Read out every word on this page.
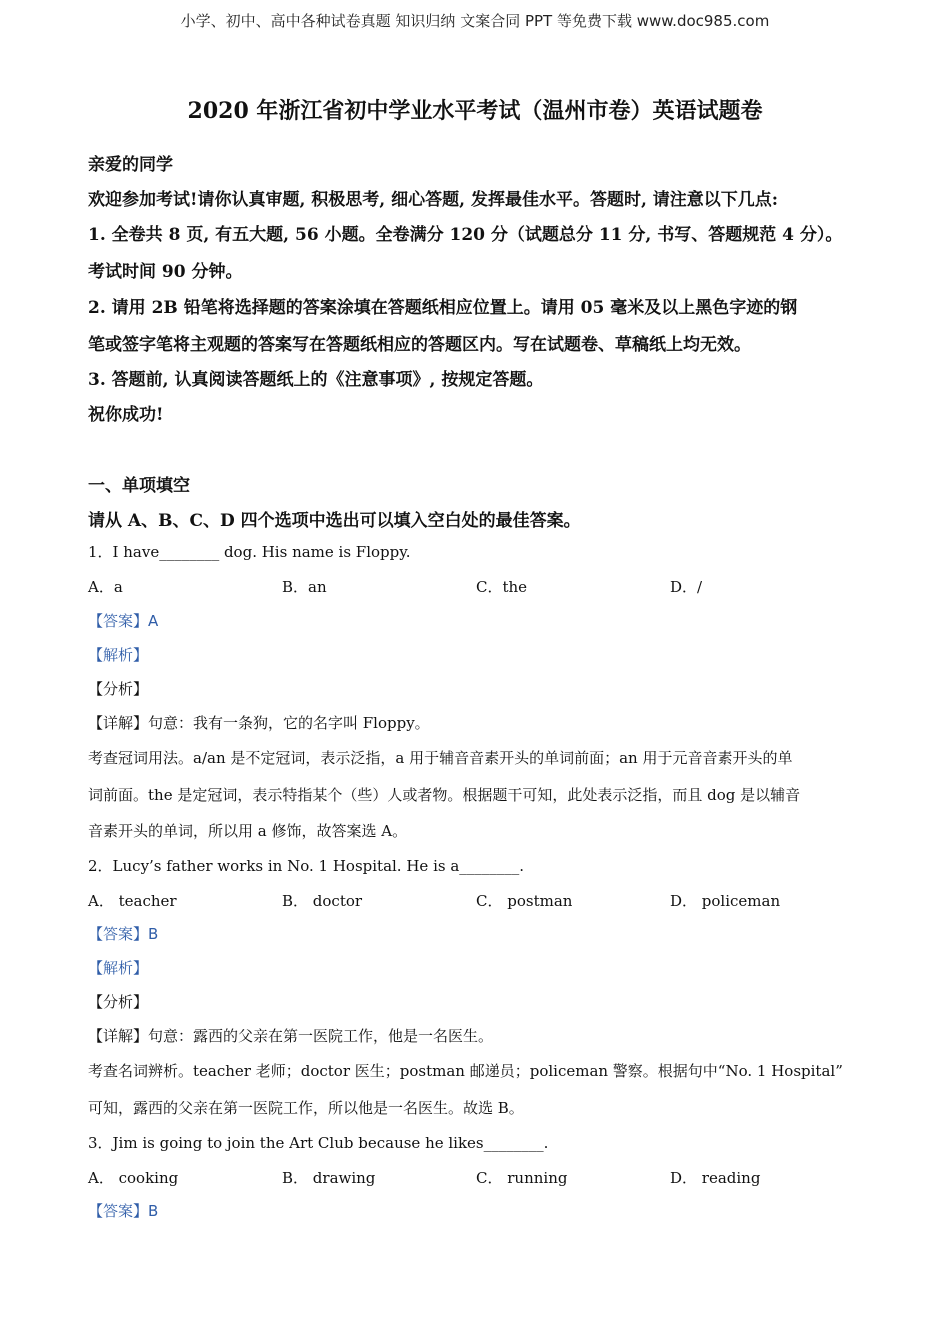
小学、初中、高中各种试卷真题 知识归纳 文案合同 PPT 等免费下载 www.doc985.com
2020 年浙江省初中学业水平考试（温州市卷）英语试题卷
亲爱的同学
欢迎参加考试!请你认真审题, 积极思考, 细心答题, 发挥最佳水平。答题时, 请注意以下几点:
1. 全卷共 8 页, 有五大题, 56 小题。全卷满分 120 分（试题总分 11 分, 书写、答题规范 4 分）。
考试时间 90 分钟。
2. 请用 2B 铅笔将选择题的答案涂填在答题纸相应位置上。请用 05 毫米及以上黑色字迹的钢
笔或签字笔将主观题的答案写在答题纸相应的答题区内。写在试题卷、草稿纸上均无效。
3. 答题前, 认真阅读答题纸上的《注意事项》, 按规定答题。
祝你成功!
一、单项填空
请从 A、B、C、D 四个选项中选出可以填入空白处的最佳答案。
1．I have________ dog. His name is Floppy.
A．a	B．an	C．the	D．/
【答案】A
【解析】
【分析】
【详解】句意：我有一条狗，它的名字叫 Floppy。
考查冠词用法。a/an 是不定冠词，表示泛指，a 用于辅音音素开头的单词前面；an 用于元音音素开头的单
词前面。the 是定冠词，表示特指某个（些）人或者物。根据题干可知，此处表示泛指，而且 dog 是以辅音
音素开头的单词，所以用 a 修饰，故答案选 A。
2．Lucy’s father works in No. 1 Hospital. He is a________.
A． teacher	B． doctor	C． postman	D． policeman
【答案】B
【解析】
【分析】
【详解】句意：露西的父亲在第一医院工作，他是一名医生。
考查名词辨析。teacher 老师；doctor 医生；postman 邮递员；policeman 警察。根据句中“No. 1 Hospital”
可知，露西的父亲在第一医院工作，所以他是一名医生。故选 B。
3．Jim is going to join the Art Club because he likes________.
A． cooking	B． drawing	C． running	D． reading
【答案】B
